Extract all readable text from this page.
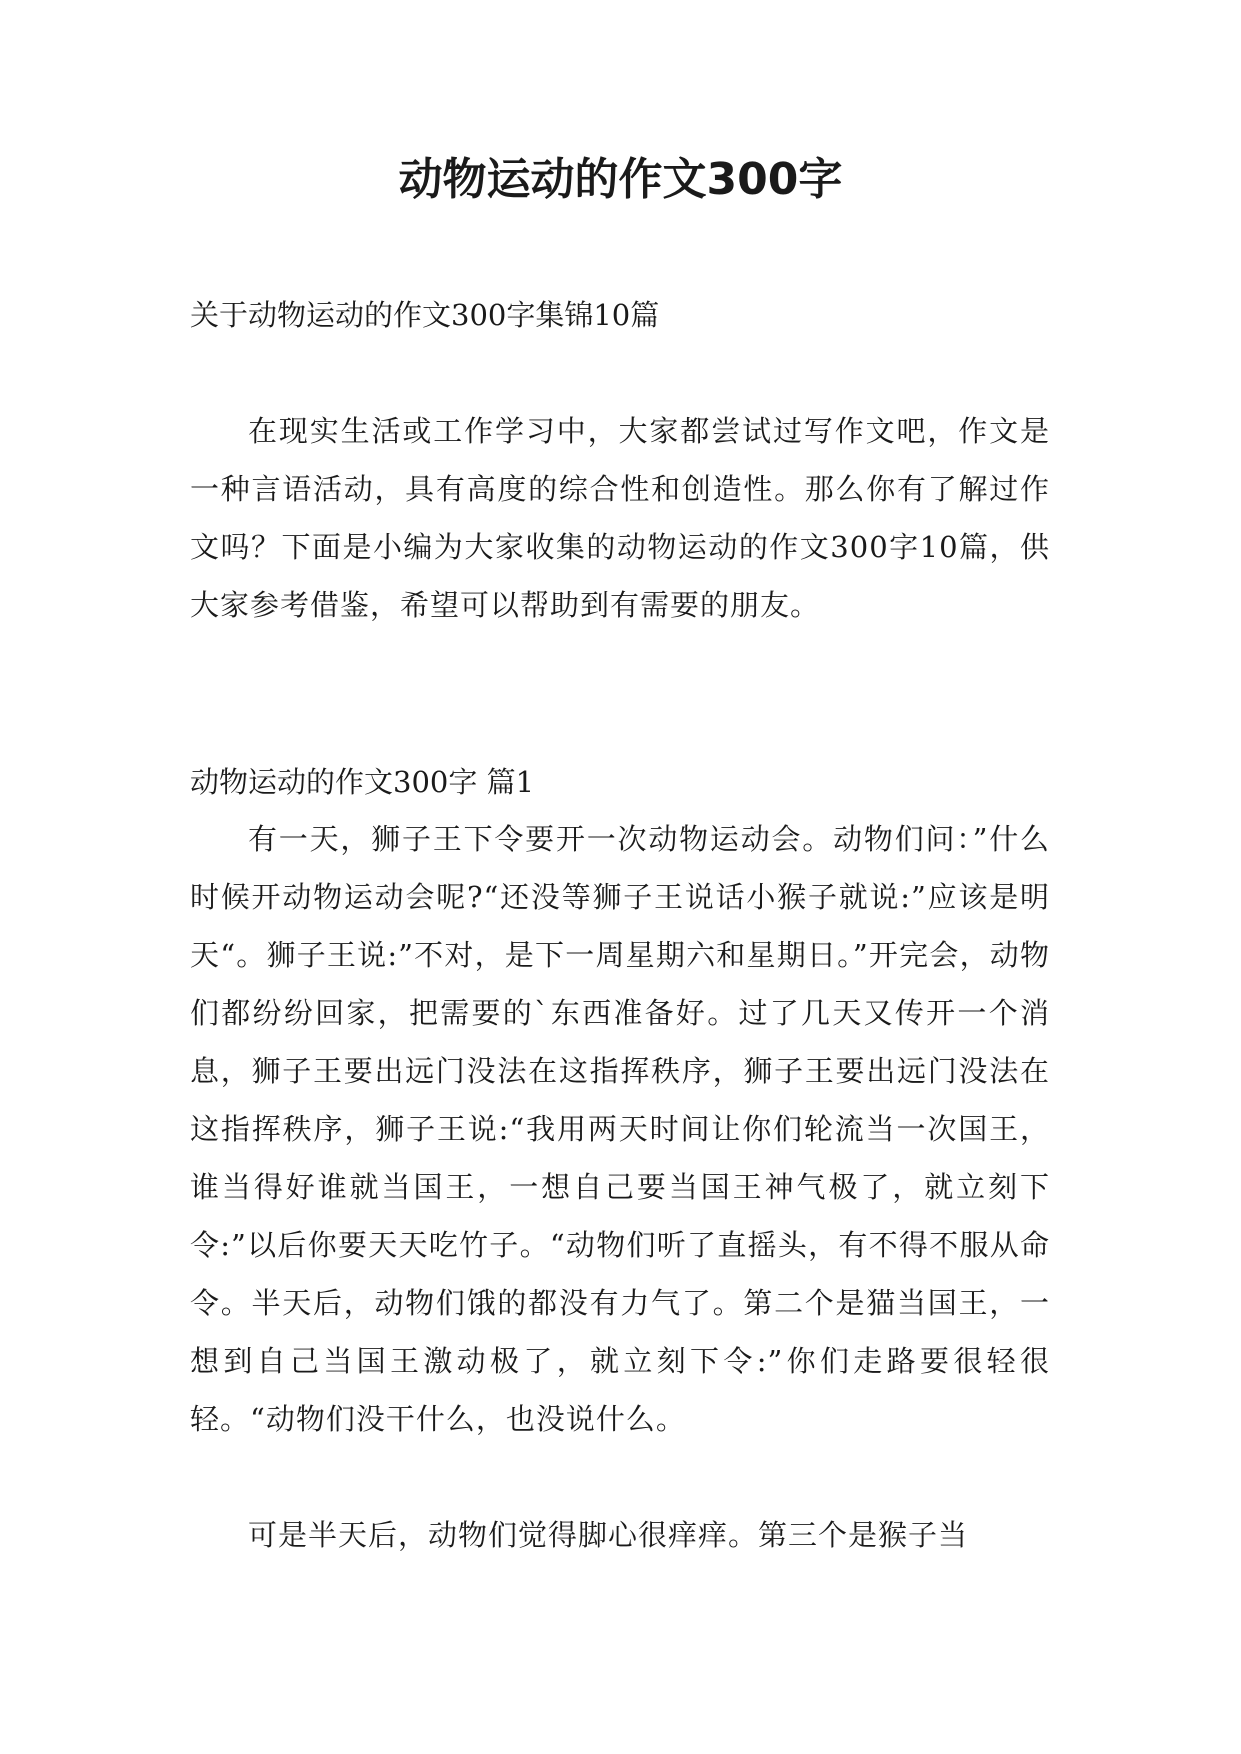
动物运动的作文300字

关于动物运动的作文300字集锦10篇

在现实生活或工作学习中，大家都尝试过写作文吧，作文是一种言语活动，具有高度的综合性和创造性。那么你有了解过作文吗？下面是小编为大家收集的动物运动的作文300字10篇，供大家参考借鉴，希望可以帮助到有需要的朋友。

动物运动的作文300字 篇1

有一天，狮子王下令要开一次动物运动会。动物们问：”什么时候开动物运动会呢?“还没等狮子王说话小猴子就说:”应该是明天“。狮子王说:”不对，是下一周星期六和星期日。”开完会，动物们都纷纷回家，把需要的`东西准备好。过了几天又传开一个消息，狮子王要出远门没法在这指挥秩序，狮子王要出远门没法在这指挥秩序，狮子王说:“我用两天时间让你们轮流当一次国王，谁当得好谁就当国王，一想自己要当国王神气极了，就立刻下令:”以后你要天天吃竹子。“动物们听了直摇头，有不得不服从命令。半天后，动物们饿的都没有力气了。第二个是猫当国王，一想到自己当国王激动极了，就立刻下令:”你们走路要很轻很轻。“动物们没干什么，也没说什么。

可是半天后，动物们觉得脚心很痒痒。第三个是猴子当
